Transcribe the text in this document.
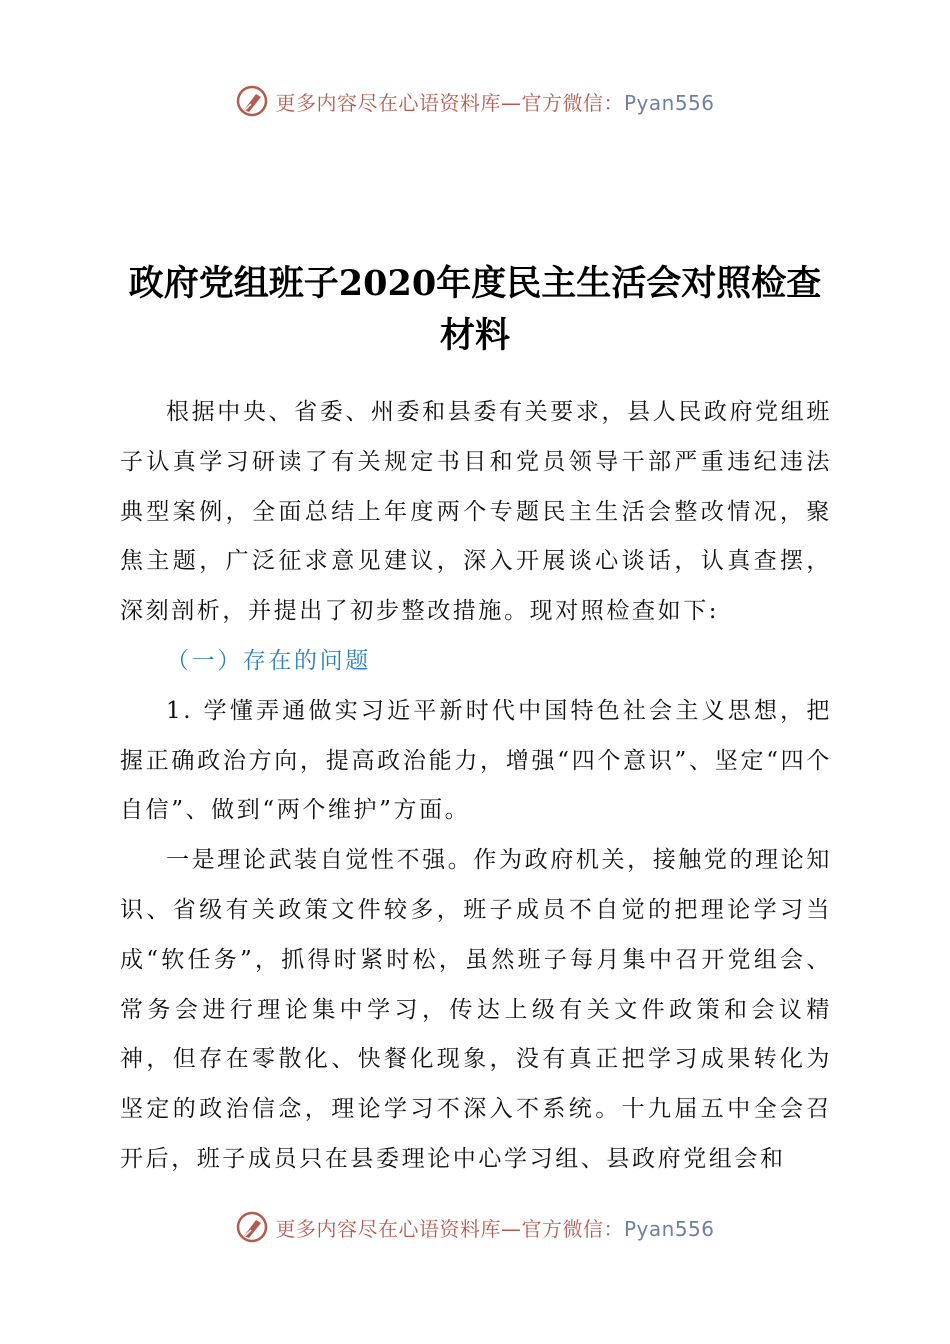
更多内容尽在心语资料库—官方微信：Pyan556
政府党组班子2020年度民主生活会对照检查
材料

根据中央、省委、州委和县委有关要求，县人民政府党组班子认真学习研读了有关规定书目和党员领导干部严重违纪违法典型案例，全面总结上年度两个专题民主生活会整改情况，聚焦主题，广泛征求意见建议，深入开展谈心谈话，认真查摆，深刻剖析，并提出了初步整改措施。现对照检查如下:

（一）存在的问题

1. 学懂弄通做实习近平新时代中国特色社会主义思想，把握正确政治方向，提高政治能力，增强“四个意识”、坚定“四个自信”、做到“两个维护”方面。

一是理论武装自觉性不强。作为政府机关，接触党的理论知识、省级有关政策文件较多，班子成员不自觉的把理论学习当成“软任务”，抓得时紧时松，虽然班子每月集中召开党组会、常务会进行理论集中学习，传达上级有关文件政策和会议精神，但存在零散化、快餐化现象，没有真正把学习成果转化为坚定的政治信念，理论学习不深入不系统。十九届五中全会召开后，班子成员只在县委理论中心学习组、县政府党组会和

更多内容尽在心语资料库—官方微信：Pyan556
